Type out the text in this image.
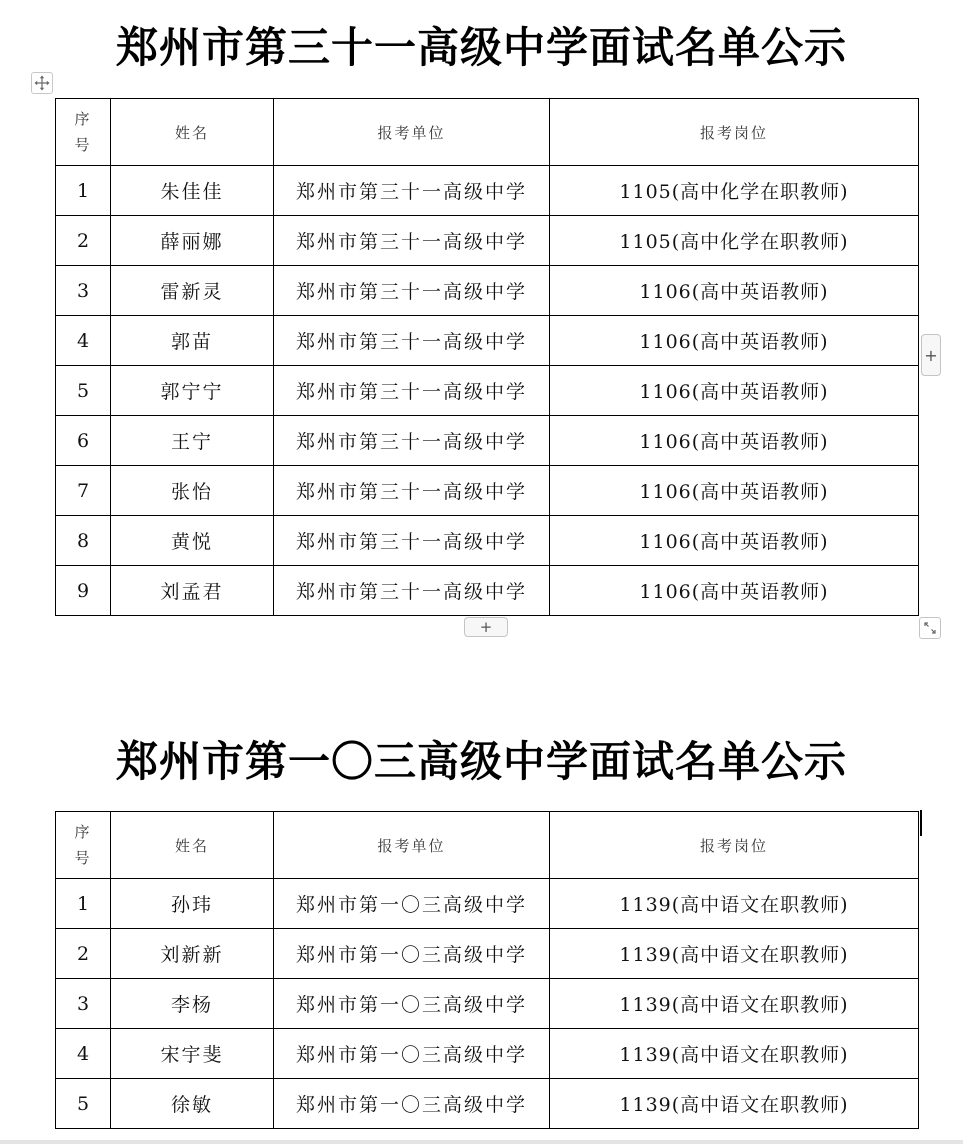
郑州市第三十一高级中学面试名单公示
序
号	姓名	报考单位	报考岗位
1	朱佳佳	郑州市第三十一高级中学	1105(高中化学在职教师)
2	薛丽娜	郑州市第三十一高级中学	1105(高中化学在职教师)
3	雷新灵	郑州市第三十一高级中学	1106(高中英语教师)
4	郭苗	郑州市第三十一高级中学	1106(高中英语教师)
5	郭宁宁	郑州市第三十一高级中学	1106(高中英语教师)
6	王宁	郑州市第三十一高级中学	1106(高中英语教师)
7	张怡	郑州市第三十一高级中学	1106(高中英语教师)
8	黄悦	郑州市第三十一高级中学	1106(高中英语教师)
9	刘孟君	郑州市第三十一高级中学	1106(高中英语教师)
+
+
郑州市第一〇三高级中学面试名单公示
序
号	姓名	报考单位	报考岗位
1	孙玮	郑州市第一〇三高级中学	1139(高中语文在职教师)
2	刘新新	郑州市第一〇三高级中学	1139(高中语文在职教师)
3	李杨	郑州市第一〇三高级中学	1139(高中语文在职教师)
4	宋宇斐	郑州市第一〇三高级中学	1139(高中语文在职教师)
5	徐敏	郑州市第一〇三高级中学	1139(高中语文在职教师)
